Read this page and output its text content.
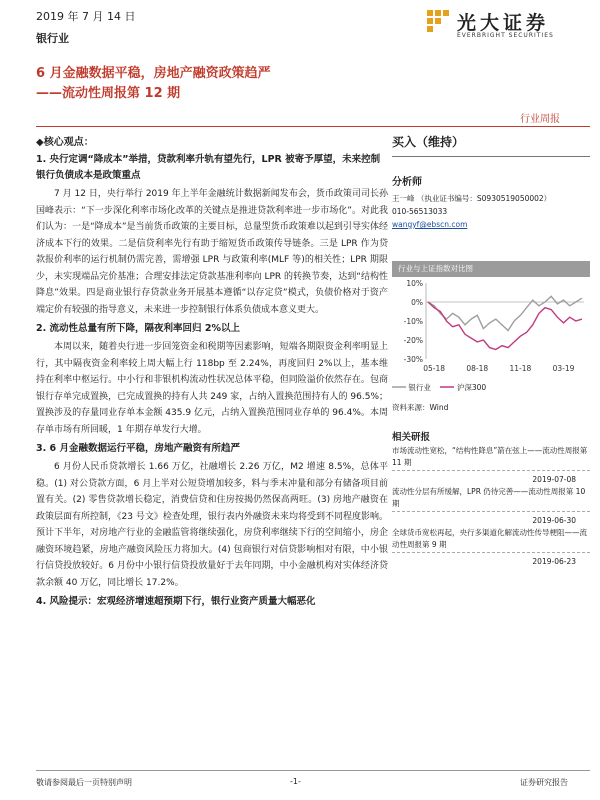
2019 年 7 月 14 日
银行业
6 月金融数据平稳，房地产融资政策趋严
——流动性周报第 12 期
光大证券
EVERBRIGHT SECURITIES
行业周报
◆核心观点：
1. 央行定调“降成本”举措，贷款利率升轨有望先行，LPR 被寄予厚望，未来控制银行负债成本是政策重点

7 月 12 日，央行举行 2019 年上半年金融统计数据新闻发布会，货币政策司司长孙国峰表示：“下一步深化利率市场化改革的关键点是推进贷款利率进一步市场化”。对此我们认为：一是“降成本”是当前货币政策的主要目标，总量型货币政策难以起到引导实体经济成本下行的效果。二是信贷利率先行有助于缩短货币政策传导链条。三是 LPR 作为贷款报价利率的运行机制仍需完善，需增强 LPR 与政策利率(MLF 等)的相关性；LPR 期限少，未实现端品完价基准；合理安排法定贷款基准利率向 LPR 的转换节奏，达到“结构性降息”效果。四是商业银行存贷款业务开展基本遵循“以存定贷”模式，负债价格对于资产端定价有较强的指导意义，未来进一步控制银行体系负债成本意义更大。

2. 流动性总量有所下降，隔夜利率回归 2%以上

本周以来，随着央行进一步回笼资金和税期等因素影响，短端各期限资金利率明显上行，其中隔夜资金利率较上周大幅上行 118bp 至 2.24%，再度回归 2%以上，基本维持在利率中枢运行。中小行和非银机构流动性状况总体平稳，但同险溢价依然存在。包商银行存单完成置换，已完成置换的持有人共 249 家，占纳入置换范围持有人的 96.5%；置换涉及的存量同业存单本金额 435.9 亿元，占纳入置换范围同业存单的 96.4%。本周存单市场有所回暖，1 年期存单发行大增。

3. 6 月金融数据运行平稳，房地产融资有所趋严

6 月份人民币贷款增长 1.66 万亿，社融增长 2.26 万亿，M2 增速 8.5%，总体平稳。(1) 对公贷款方面，6 月上半对公短贷增加较多，料与季末冲量和部分有储备项目前置有关。(2) 零售贷款增长稳定，消费信贷和住房按揭仍然保高两旺。(3) 房地产融资在政策层面有所控制，《23 号文》检查处理，银行表内外融资未来均将受到不同程度影响。预计下半年，对房地产行业的金融监管将继续强化，房贷利率继续下行的空间缩小，房企融资环境趋紧，房地产融资风险压力将加大。(4) 包商银行对信贷影响相对有限，中小银行信贷投放较好。6 月份中小银行信贷投放量好于去年同期，中小金融机构对实体经济贷款余额 40 万亿，同比增长 17.2%。

4. 风险提示：宏观经济增速超预期下行，银行业资产质量大幅恶化
买入（维持）
分析师
王一峰 （执业证书编号：S0930519050002）
010-56513033
wangyf@ebscn.com
行业与上证指数对比图
10%
0%
-10%
-20%
-30%
05-18	08-18	11-18	03-19
银行业	沪深300
资料来源：Wind
相关研报
市场流动性宽松，“结构性降息”箭在弦上——流动性周报第 11 期
2019-07-08
流动性分层有所缓解，LPR 仍待完善——流动性周报第 10 期
2019-06-30
全球货币宽松再起，央行多渠道化解流动性传导梗阻——流动性周报第 9 期
2019-06-23
敬请参阅最后一页特别声明	-1-	证券研究报告
